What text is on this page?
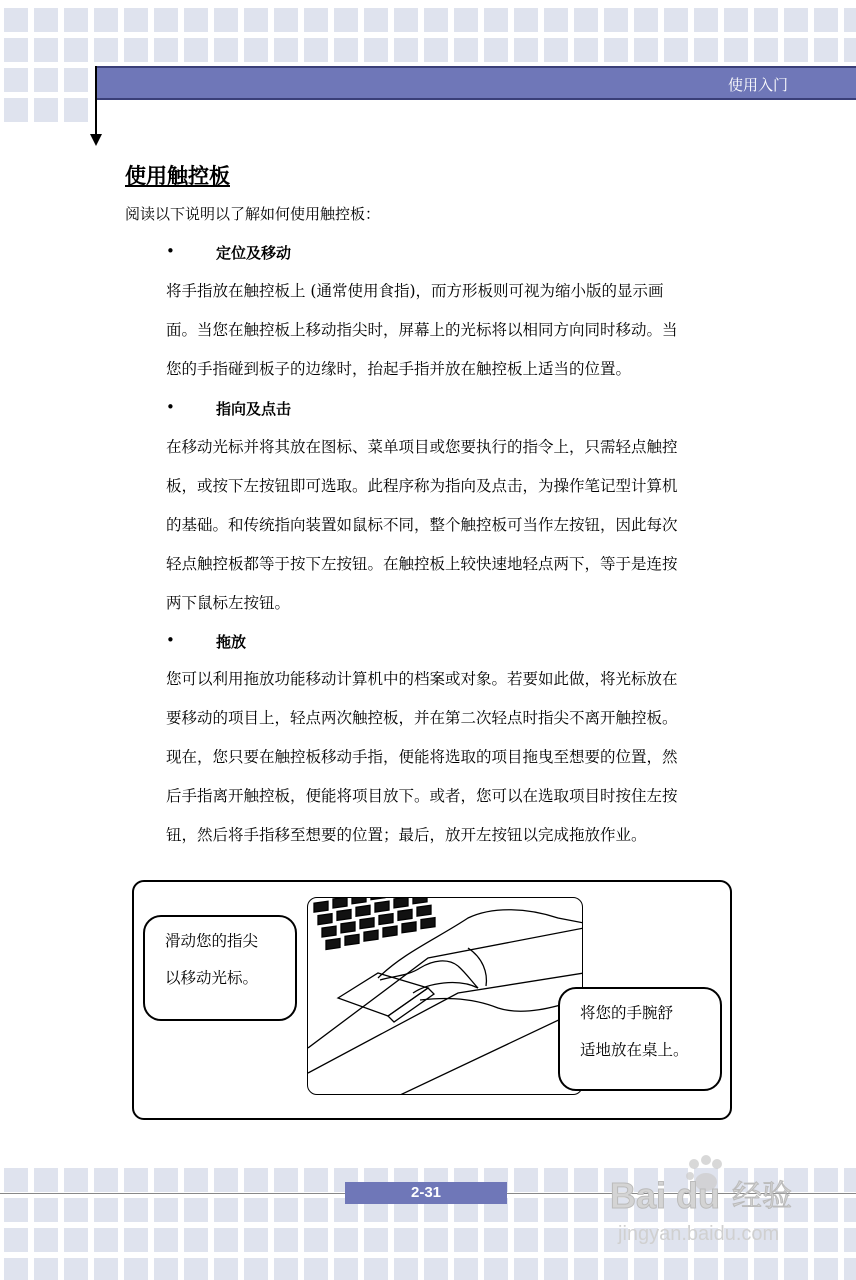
使用入门
使用触控板
阅读以下说明以了解如何使用触控板：
•	定位及移动
将手指放在触控板上 (通常使用食指)，而方形板则可视为缩小版的显示画
面。当您在触控板上移动指尖时，屏幕上的光标将以相同方向同时移动。当
您的手指碰到板子的边缘时，抬起手指并放在触控板上适当的位置。
•	指向及点击
在移动光标并将其放在图标、菜单项目或您要执行的指令上，只需轻点触控
板，或按下左按钮即可选取。此程序称为指向及点击，为操作笔记型计算机
的基础。和传统指向装置如鼠标不同，整个触控板可当作左按钮，因此每次
轻点触控板都等于按下左按钮。在触控板上较快速地轻点两下，等于是连按
两下鼠标左按钮。
•	拖放
您可以利用拖放功能移动计算机中的档案或对象。若要如此做，将光标放在
要移动的项目上，轻点两次触控板，并在第二次轻点时指尖不离开触控板。
现在，您只要在触控板移动手指，便能将选取的项目拖曳至想要的位置，然
后手指离开触控板，便能将项目放下。或者，您可以在选取项目时按住左按
钮，然后将手指移至想要的位置；最后，放开左按钮以完成拖放作业。
滑动您的指尖
以移动光标。
将您的手腕舒
适地放在桌上。
2-31	Bai du 经验
jingyan.baidu.com
